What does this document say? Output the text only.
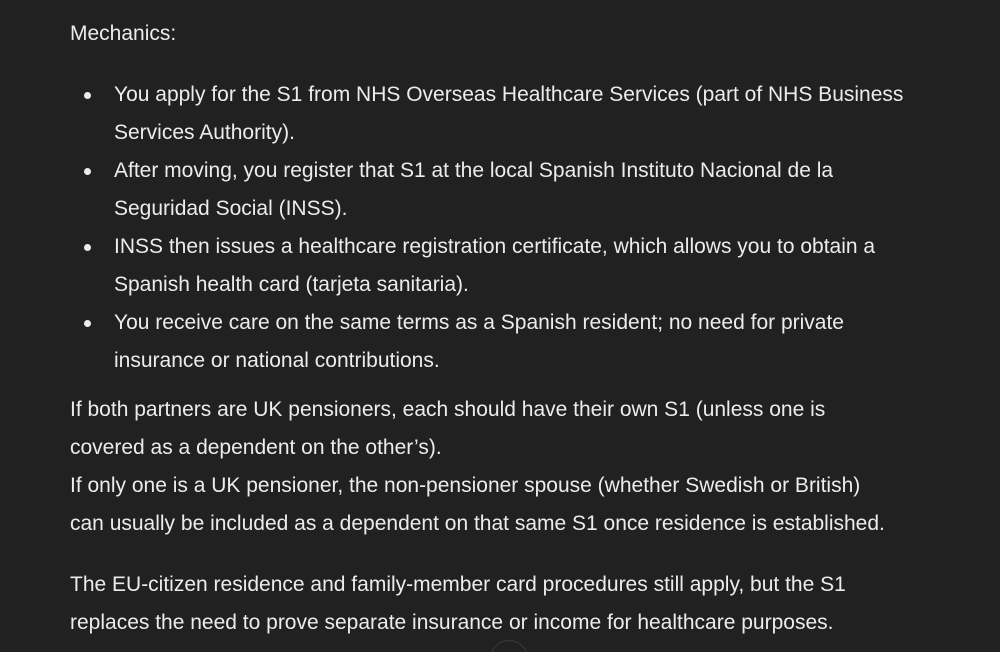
Mechanics:

You apply for the S1 from NHS Overseas Healthcare Services (part of NHS Business
Services Authority).
After moving, you register that S1 at the local Spanish Instituto Nacional de la
Seguridad Social (INSS).
INSS then issues a healthcare registration certificate, which allows you to obtain a
Spanish health card (tarjeta sanitaria).
You receive care on the same terms as a Spanish resident; no need for private
insurance or national contributions.
If both partners are UK pensioners, each should have their own S1 (unless one is
covered as a dependent on the other’s).
If only one is a UK pensioner, the non-pensioner spouse (whether Swedish or British)
can usually be included as a dependent on that same S1 once residence is established.
The EU-citizen residence and family-member card procedures still apply, but the S1
replaces the need to prove separate insurance or income for healthcare purposes.
